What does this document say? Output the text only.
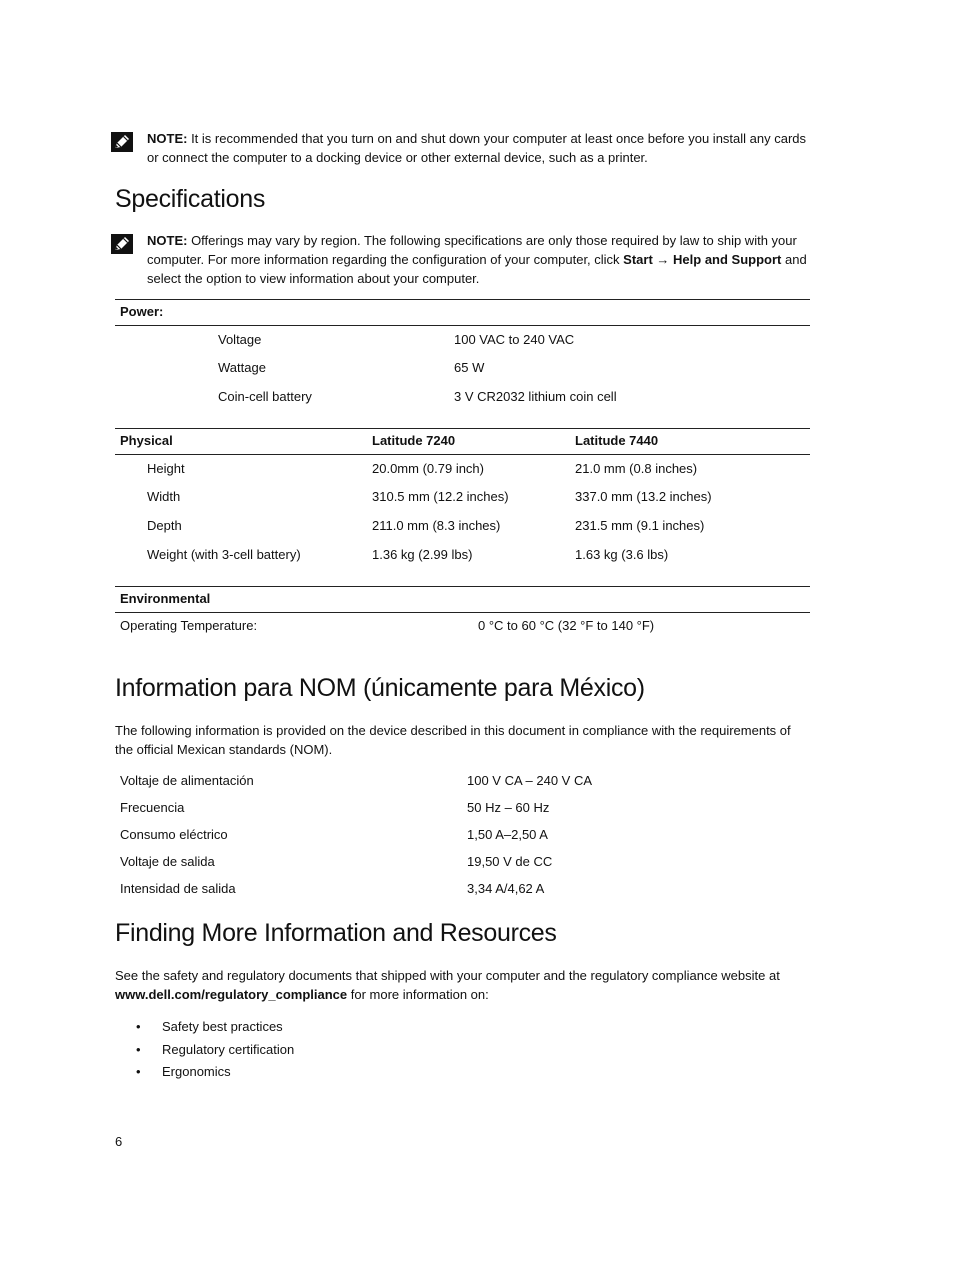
NOTE: It is recommended that you turn on and shut down your computer at least once before you install any cards or connect the computer to a docking device or other external device, such as a printer.
Specifications
NOTE: Offerings may vary by region. The following specifications are only those required by law to ship with your computer. For more information regarding the configuration of your computer, click Start → Help and Support and select the option to view information about your computer.
Power:
Voltage	100 VAC to 240 VAC
Wattage	65 W
Coin-cell battery	3 V CR2032 lithium coin cell
Physical	Latitude 7240	Latitude 7440
Height	20.0mm (0.79 inch)	21.0 mm (0.8 inches)
Width	310.5 mm (12.2 inches)	337.0 mm (13.2 inches)
Depth	211.0 mm (8.3 inches)	231.5 mm (9.1 inches)
Weight (with 3-cell battery)	1.36 kg (2.99 lbs)	1.63 kg (3.6 lbs)
Environmental
Operating Temperature:	0 °C to 60 °C (32 °F to 140 °F)
Information para NOM (únicamente para México)
The following information is provided on the device described in this document in compliance with the requirements of the official Mexican standards (NOM).
Voltaje de alimentación	100 V CA – 240 V CA
Frecuencia	50 Hz – 60 Hz
Consumo eléctrico	1,50 A–2,50 A
Voltaje de salida	19,50 V de CC
Intensidad de salida	3,34 A/4,62 A
Finding More Information and Resources
See the safety and regulatory documents that shipped with your computer and the regulatory compliance website at www.dell.com/regulatory_compliance for more information on:
• Safety best practices
• Regulatory certification
• Ergonomics
6
